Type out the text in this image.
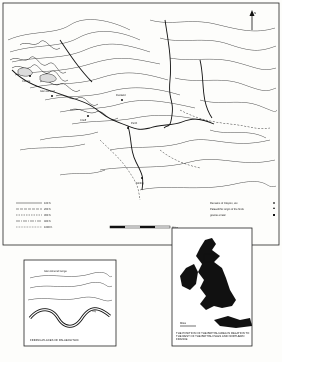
N
Dunkeld
Glen Almond
Crieff
Perth
Comrie
Stirling
100 ft.
200 ft.
300 ft.
400 ft.
1000 ft.
Remains of Clayton, etc.
Palaeolithic origin of the finds
granite erratic
Glen Almond Gorge
Tay
FINDING-PLACES OF PALAEOLITHIC
Miles
THE POSITION OF THE BRITISH AREA IN RELATION TO THE REST OF THE BRITISH ISLES AND NORTHERN FRANCE
